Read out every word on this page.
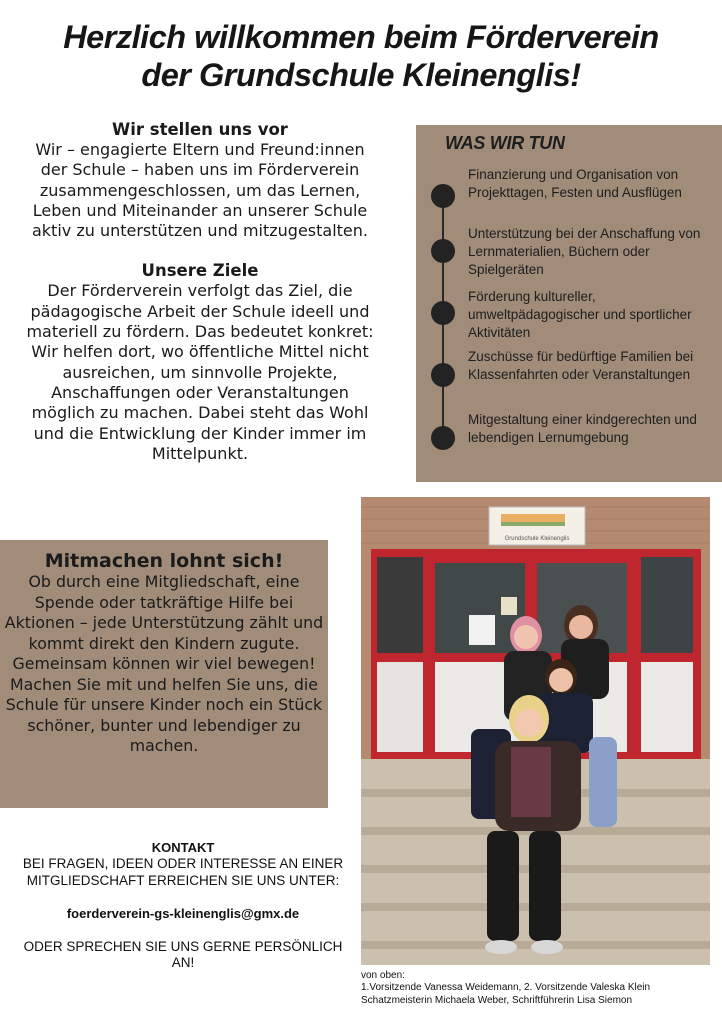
Herzlich willkommen beim Förderverein
der Grundschule Kleinenglis!
Wir stellen uns vor

Wir – engagierte Eltern und Freund:innen der Schule – haben uns im Förderverein zusammengeschlossen, um das Lernen, Leben und Miteinander an unserer Schule aktiv zu unterstützen und mitzugestalten.

Unsere Ziele

Der Förderverein verfolgt das Ziel, die pädagogische Arbeit der Schule ideell und materiell zu fördern. Das bedeutet konkret: Wir helfen dort, wo öffentliche Mittel nicht ausreichen, um sinnvolle Projekte, Anschaffungen oder Veranstaltungen möglich zu machen. Dabei steht das Wohl und die Entwicklung der Kinder immer im Mittelpunkt.

WAS WIR TUN
Finanzierung und Organisation von Projekttagen, Festen und Ausflügen
Unterstützung bei der Anschaffung von Lernmaterialien, Büchern oder Spielgeräten
Förderung kultureller, umweltpädagogischer und sportlicher Aktivitäten
Zuschüsse für bedürftige Familien bei Klassenfahrten oder Veranstaltungen
Mitgestaltung einer kindgerechten und lebendigen Lernumgebung
Mitmachen lohnt sich!
Ob durch eine Mitgliedschaft, eine Spende oder tatkräftige Hilfe bei Aktionen – jede Unterstützung zählt und kommt direkt den Kindern zugute. Gemeinsam können wir viel bewegen!
Machen Sie mit und helfen Sie uns, die Schule für unsere Kinder noch ein Stück schöner, bunter und lebendiger zu machen.
KONTAKT
BEI FRAGEN, IDEEN ODER INTERESSE AN EINER MITGLIEDSCHAFT ERREICHEN SIE UNS UNTER:
foerderverein-gs-kleinenglis@gmx.de
ODER SPRECHEN SIE UNS GERNE PERSÖNLICH AN!
Grundschule Kleinenglis
von oben:
1.Vorsitzende Vanessa Weidemann, 2. Vorsitzende Valeska Klein
Schatzmeisterin Michaela Weber, Schriftführerin Lisa Siemon
